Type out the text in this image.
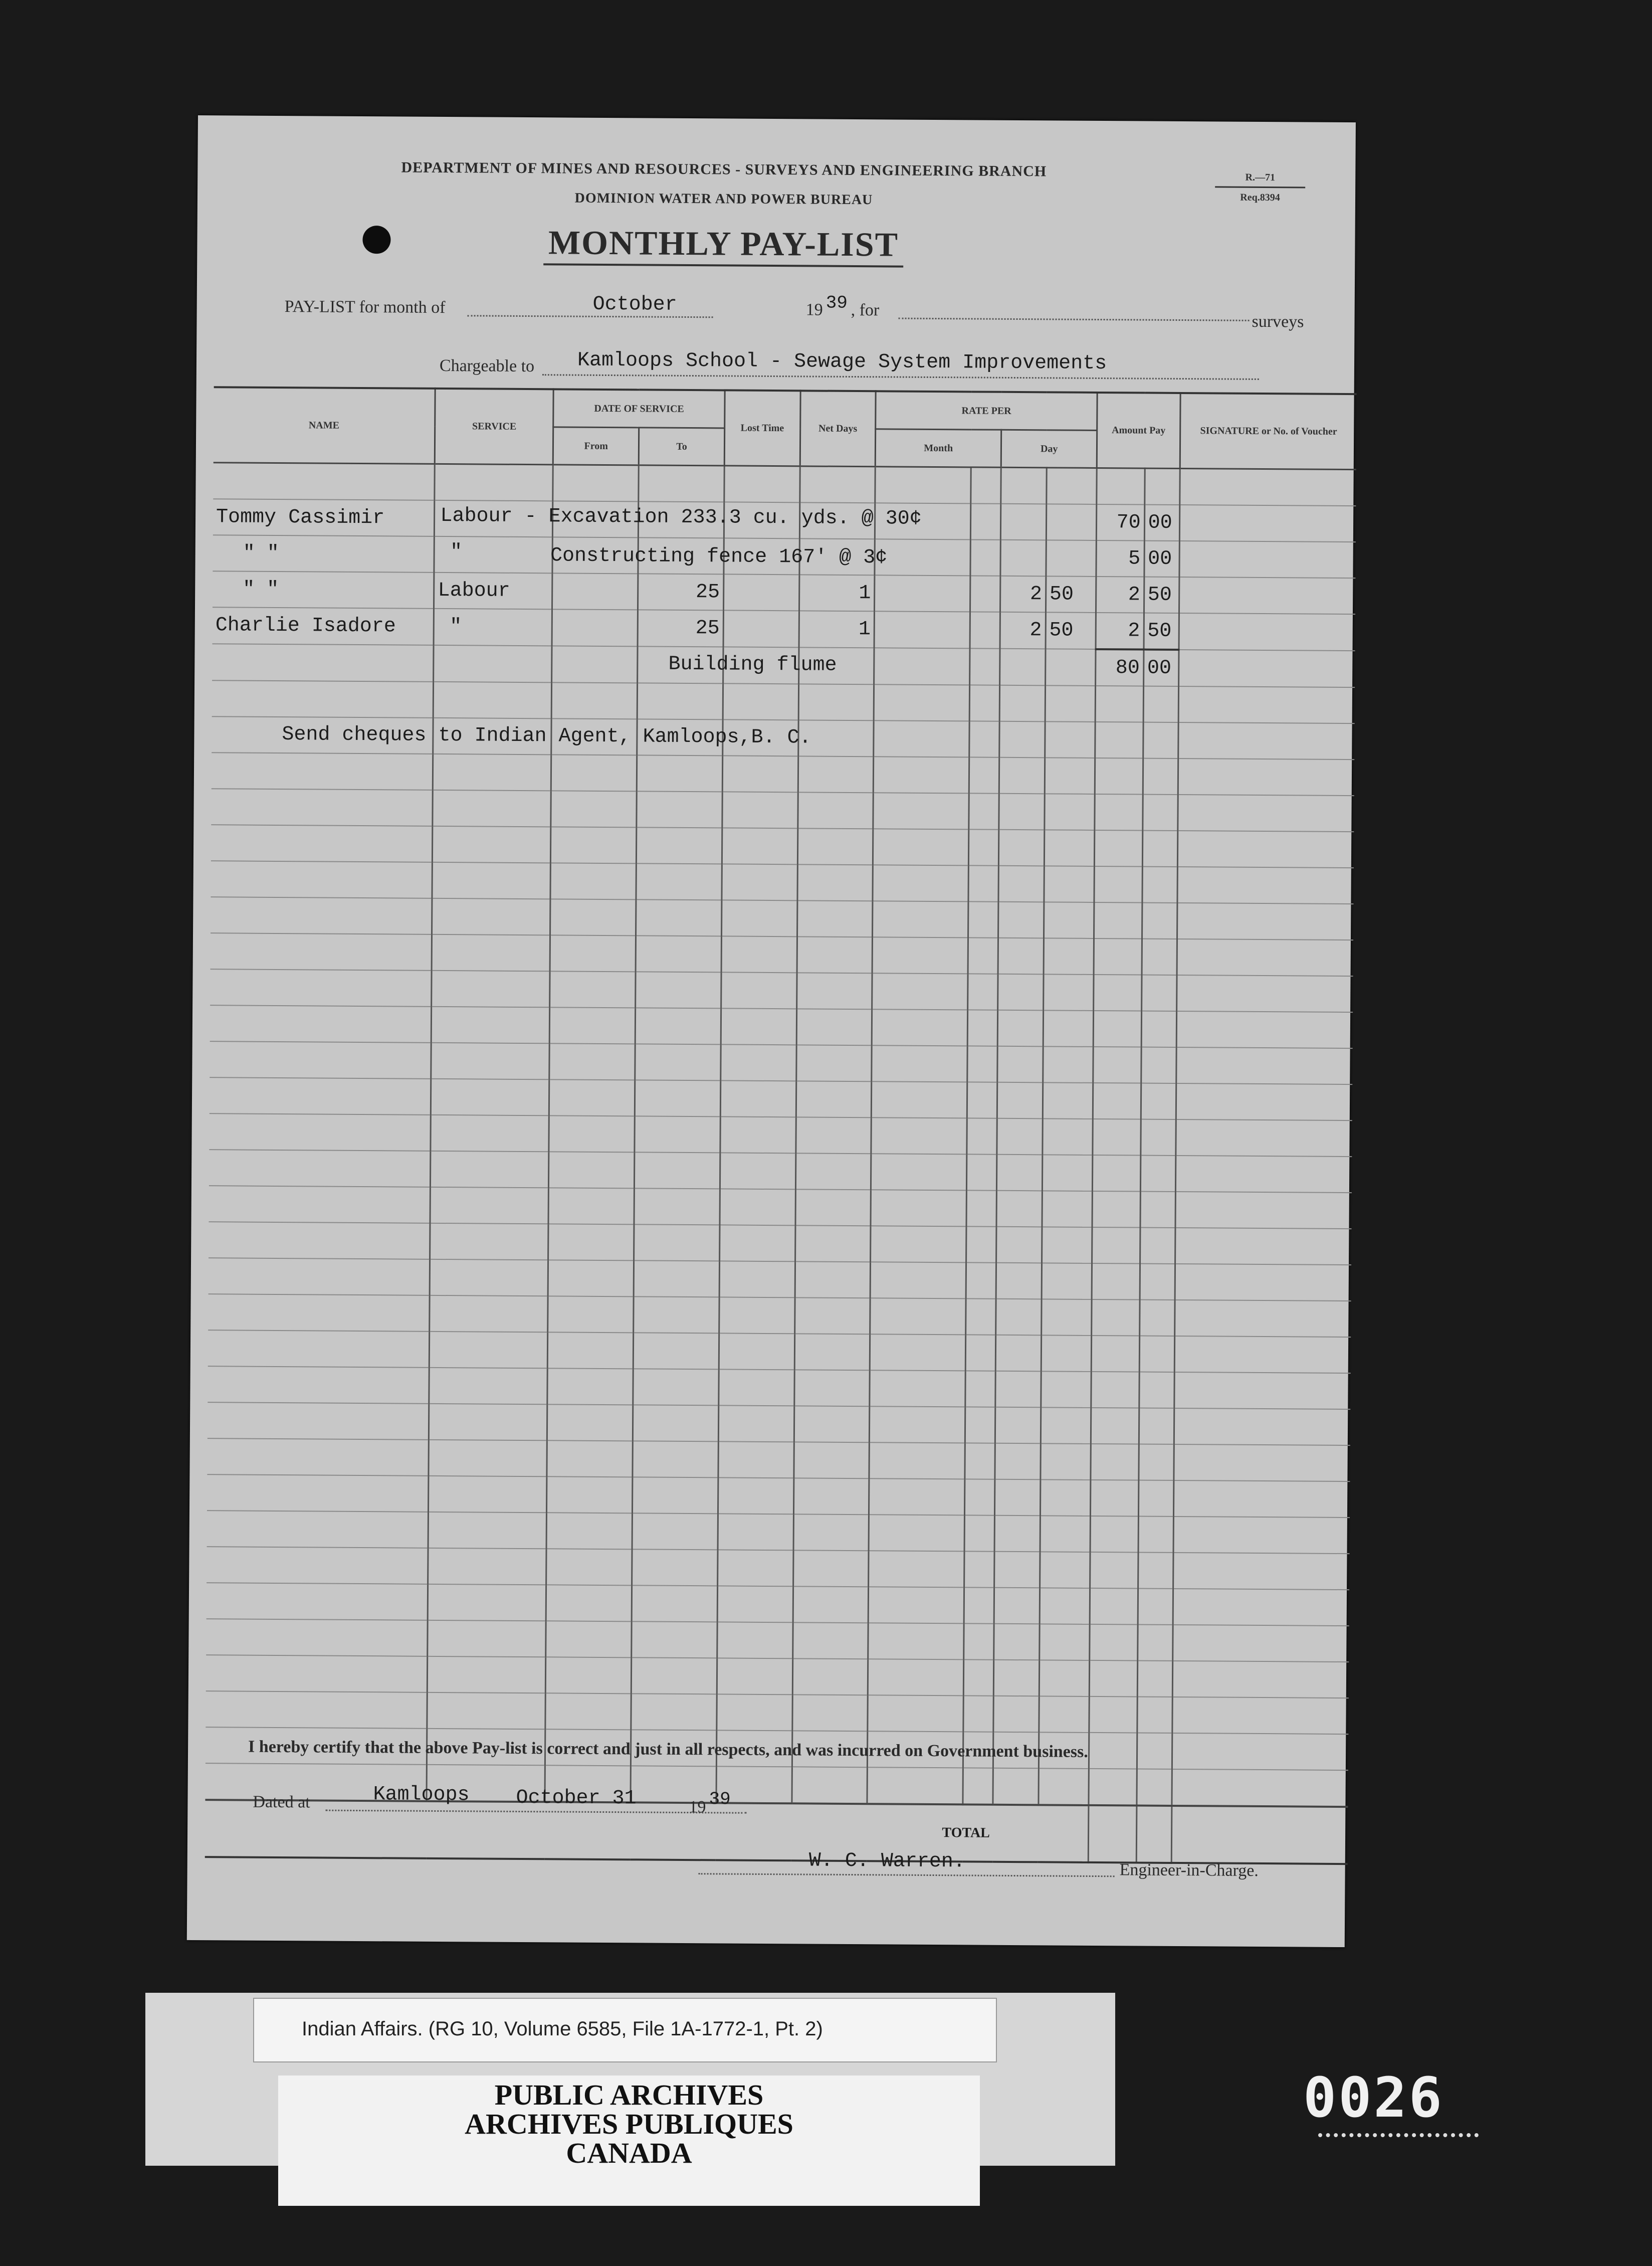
DEPARTMENT OF MINES AND RESOURCES - SURVEYS AND ENGINEERING BRANCH
DOMINION WATER AND POWER BUREAU
R.—71
Req.8394
MONTHLY PAY-LIST
PAY-LIST for month of	October	19 39 , for
surveys
Chargeable to Kamloops School - Sewage System Improvements
NAME	SERVICE	DATE OF SERVICE		Lost Time	Net Days	RATE PER				Amount Pay		SIGNATURE or No. of Voucher
		From	To			Month		Day				

Tommy Cassimir	Labour - Excavation 233.3 cu. yds. @ 30¢									70	00	
" "	" Constructing fence 167' @ 3¢									5	00	
" "	Labour		25		1			2	50	2	50	
Charlie Isadore	"		25		1			2	50	2	50	

			Building flume							80	00	

Send cheques to Indian Agent, Kamloops,B. C.												

						TOTAL						
I hereby certify that the above Pay-list is correct and just in all respects, and was incurred on Government business.
Dated at	Kamloops October 31	19 39
W. C. Warren.	Engineer-in-Charge.
Indian Affairs. (RG 10, Volume 6585, File 1A-1772-1, Pt. 2)
PUBLIC ARCHIVES
ARCHIVES PUBLIQUES
CANADA
0026
